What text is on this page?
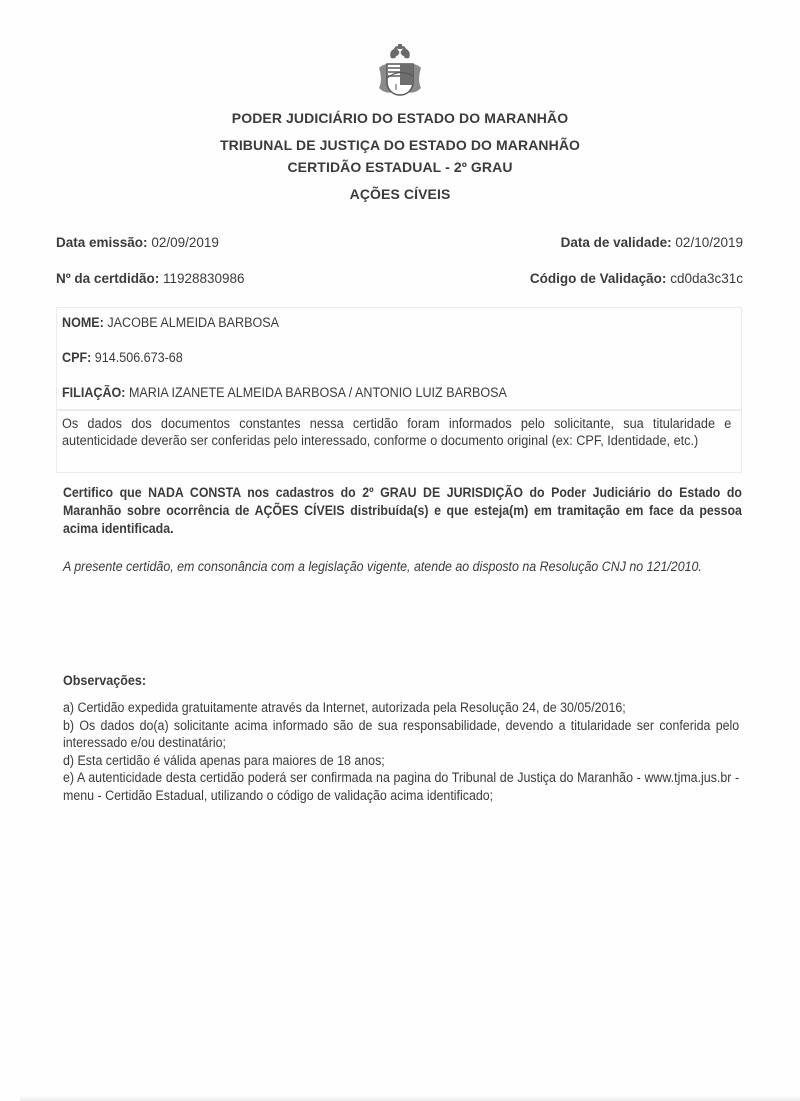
PODER JUDICIÁRIO DO ESTADO DO MARANHÃO
TRIBUNAL DE JUSTIÇA DO ESTADO DO MARANHÃO
CERTIDÃO ESTADUAL - 2º GRAU
AÇÕES CÍVEIS
Data emissão: 02/09/2019	Data de validade: 02/10/2019
Nº da certdidão: 11928830986	Código de Validação: cd0da3c31c
NOME: JACOBE ALMEIDA BARBOSA
CPF: 914.506.673-68
FILIAÇÃO: MARIA IZANETE ALMEIDA BARBOSA / ANTONIO LUIZ BARBOSA

Os dados dos documentos constantes nessa certidão foram informados pelo solicitante, sua titularidade e autenticidade deverão ser conferidas pelo interessado, conforme o documento original (ex: CPF, Identidade, etc.)

Certifico que NADA CONSTA nos cadastros do 2º GRAU DE JURISDIÇÃO do Poder Judiciário do Estado do Maranhão sobre ocorrência de AÇÕES CÍVEIS distribuída(s) e que esteja(m) em tramitação em face da pessoa acima identificada.

A presente certidão, em consonância com a legislação vigente, atende ao disposto na Resolução CNJ no 121/2010.

Observações:
a) Certidão expedida gratuitamente através da Internet, autorizada pela Resolução 24, de 30/05/2016;
b) Os dados do(a) solicitante acima informado são de sua responsabilidade, devendo a titularidade ser conferida pelo interessado e/ou destinatário;
d) Esta certidão é válida apenas para maiores de 18 anos;
e) A autenticidade desta certidão poderá ser confirmada na pagina do Tribunal de Justiça do Maranhão - www.tjma.jus.br - menu - Certidão Estadual, utilizando o código de validação acima identificado;
